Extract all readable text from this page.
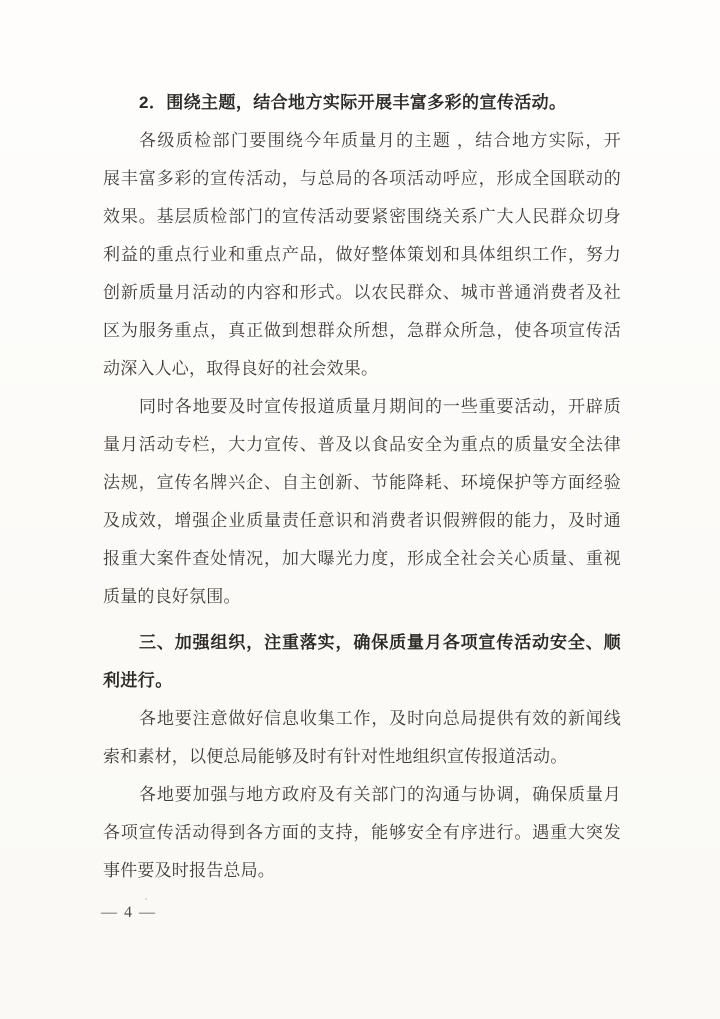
2．围绕主题，结合地方实际开展丰富多彩的宣传活动。
各级质检部门要围绕今年质量月的主题 ，结合地方实际，开
展丰富多彩的宣传活动，与总局的各项活动呼应，形成全国联动的
效果。基层质检部门的宣传活动要紧密围绕关系广大人民群众切身
利益的重点行业和重点产品，做好整体策划和具体组织工作，努力
创新质量月活动的内容和形式。以农民群众、城市普通消费者及社
区为服务重点，真正做到想群众所想，急群众所急，使各项宣传活
动深入人心，取得良好的社会效果。
同时各地要及时宣传报道质量月期间的一些重要活动，开辟质
量月活动专栏，大力宣传、普及以食品安全为重点的质量安全法律
法规，宣传名牌兴企、自主创新、节能降耗、环境保护等方面经验
及成效，增强企业质量责任意识和消费者识假辨假的能力，及时通
报重大案件查处情况，加大曝光力度，形成全社会关心质量、重视
质量的良好氛围。
三、加强组织，注重落实，确保质量月各项宣传活动安全、顺
利进行。
各地要注意做好信息收集工作，及时向总局提供有效的新闻线
索和素材，以便总局能够及时有针对性地组织宣传报道活动。
各地要加强与地方政府及有关部门的沟通与协调，确保质量月
各项宣传活动得到各方面的支持，能够安全有序进行。遇重大突发
事件要及时报告总局。
— 4 —
